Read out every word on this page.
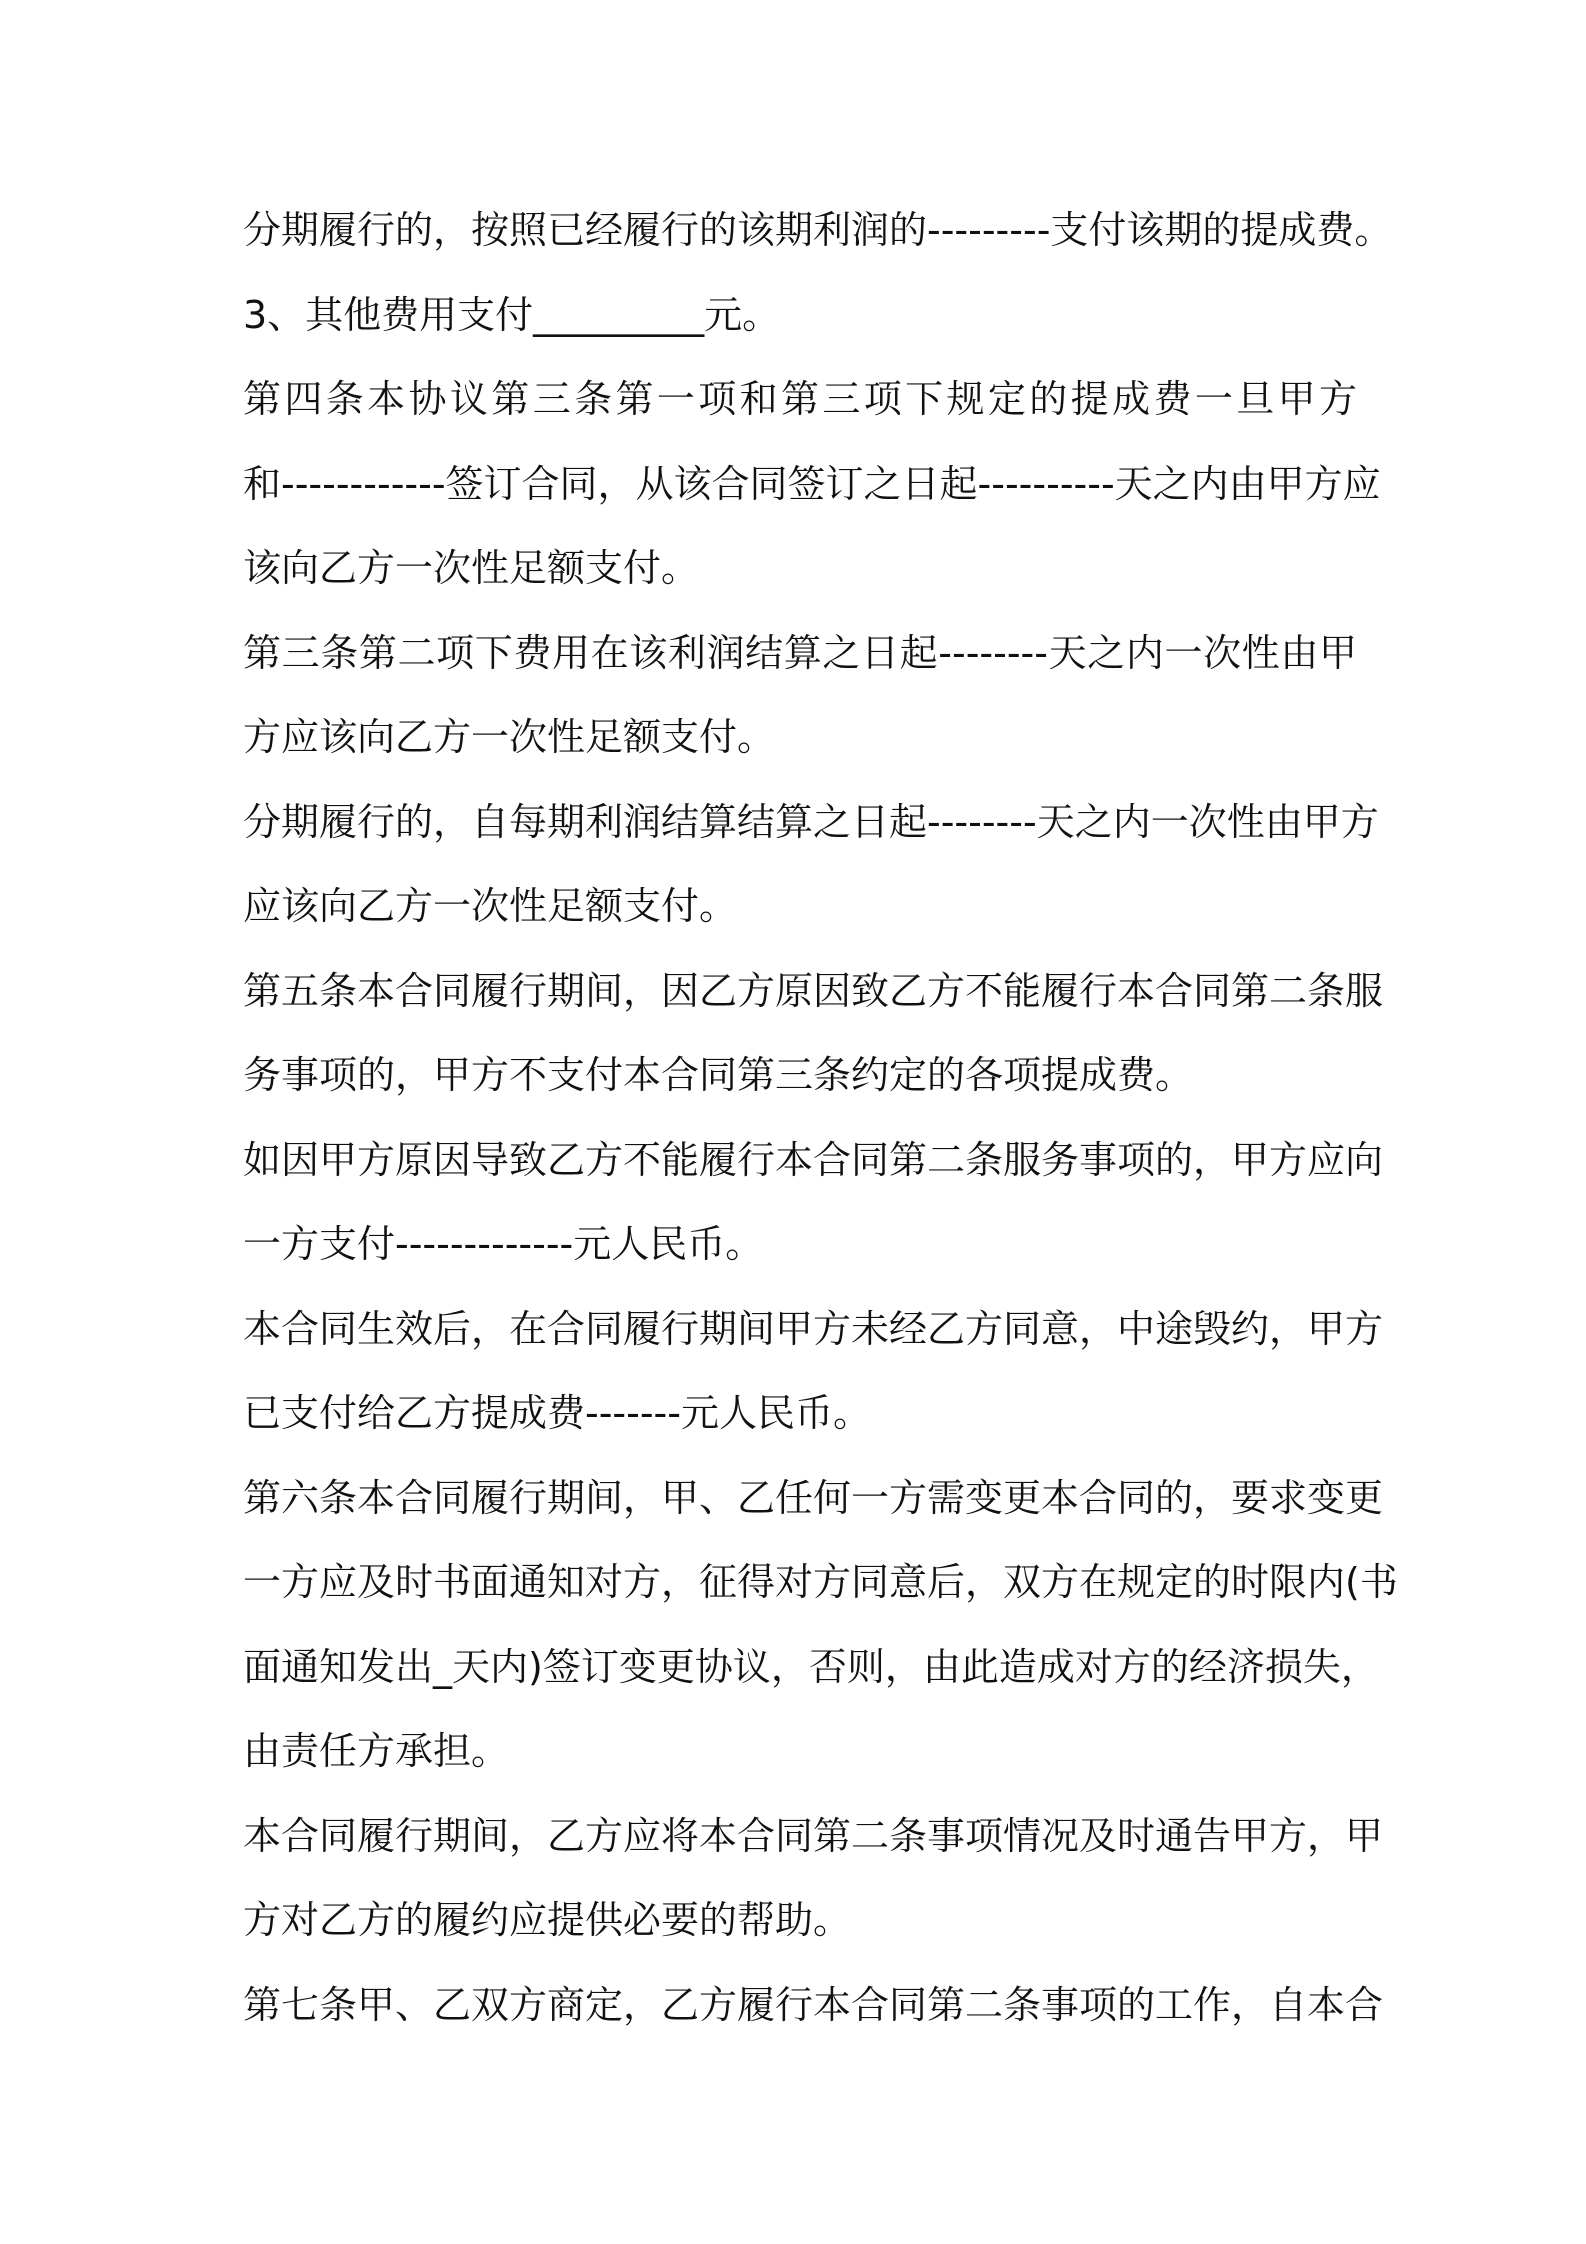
分期履行的，按照已经履行的该期利润的---------支付该期的提成费。
3、其他费用支付_________元。
第四条本协议第三条第一项和第三项下规定的提成费一旦甲方
和------------签订合同，从该合同签订之日起----------天之内由甲方应
该向乙方一次性足额支付。
第三条第二项下费用在该利润结算之日起--------天之内一次性由甲
方应该向乙方一次性足额支付。
分期履行的，自每期利润结算结算之日起--------天之内一次性由甲方
应该向乙方一次性足额支付。
第五条本合同履行期间，因乙方原因致乙方不能履行本合同第二条服
务事项的，甲方不支付本合同第三条约定的各项提成费。
如因甲方原因导致乙方不能履行本合同第二条服务事项的，甲方应向
一方支付-------------元人民币。
本合同生效后，在合同履行期间甲方未经乙方同意，中途毁约，甲方
已支付给乙方提成费-------元人民币。
第六条本合同履行期间，甲、乙任何一方需变更本合同的，要求变更
一方应及时书面通知对方，征得对方同意后，双方在规定的时限内(书
面通知发出_天内)签订变更协议，否则，由此造成对方的经济损失，
由责任方承担。
本合同履行期间，乙方应将本合同第二条事项情况及时通告甲方，甲
方对乙方的履约应提供必要的帮助。
第七条甲、乙双方商定，乙方履行本合同第二条事项的工作，自本合
